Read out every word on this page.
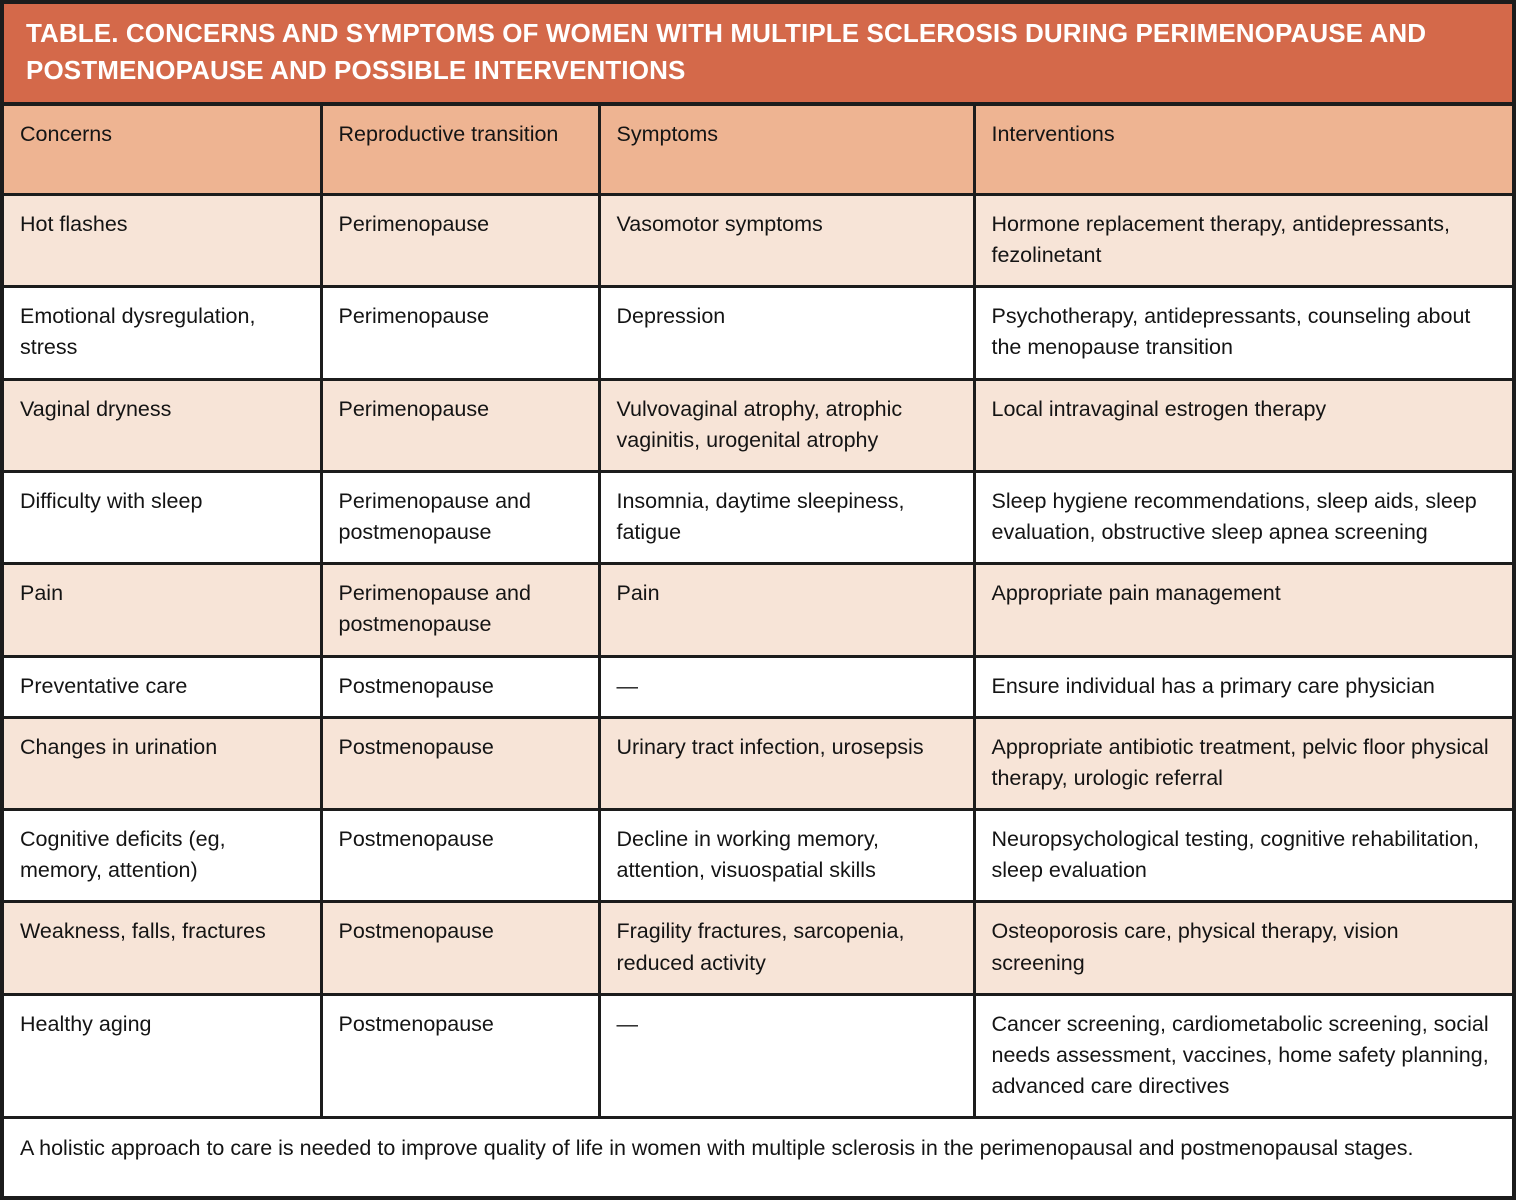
TABLE. CONCERNS AND SYMPTOMS OF WOMEN WITH MULTIPLE SCLEROSIS DURING PERIMENOPAUSE AND POSTMENOPAUSE AND POSSIBLE INTERVENTIONS
Concerns	Reproductive transition	Symptoms	Interventions
Hot flashes	Perimenopause	Vasomotor symptoms	Hormone replacement therapy, antidepressants, fezolinetant
Emotional dysregulation, stress	Perimenopause	Depression	Psychotherapy, antidepressants, counseling about the menopause transition
Vaginal dryness	Perimenopause	Vulvovaginal atrophy, atrophic vaginitis, urogenital atrophy	Local intravaginal estrogen therapy
Difficulty with sleep	Perimenopause and postmenopause	Insomnia, daytime sleepiness, fatigue	Sleep hygiene recommendations, sleep aids, sleep evaluation, obstructive sleep apnea screening
Pain	Perimenopause and postmenopause	Pain	Appropriate pain management
Preventative care	Postmenopause	—	Ensure individual has a primary care physician
Changes in urination	Postmenopause	Urinary tract infection, urosepsis	Appropriate antibiotic treatment, pelvic floor physical therapy, urologic referral
Cognitive deficits (eg, memory, attention)	Postmenopause	Decline in working memory, attention, visuospatial skills	Neuropsychological testing, cognitive rehabilitation, sleep evaluation
Weakness, falls, fractures	Postmenopause	Fragility fractures, sarcopenia, reduced activity	Osteoporosis care, physical therapy, vision screening
Healthy aging	Postmenopause	—	Cancer screening, cardiometabolic screening, social needs assessment, vaccines, home safety planning, advanced care directives
A holistic approach to care is needed to improve quality of life in women with multiple sclerosis in the perimenopausal and postmenopausal stages.
